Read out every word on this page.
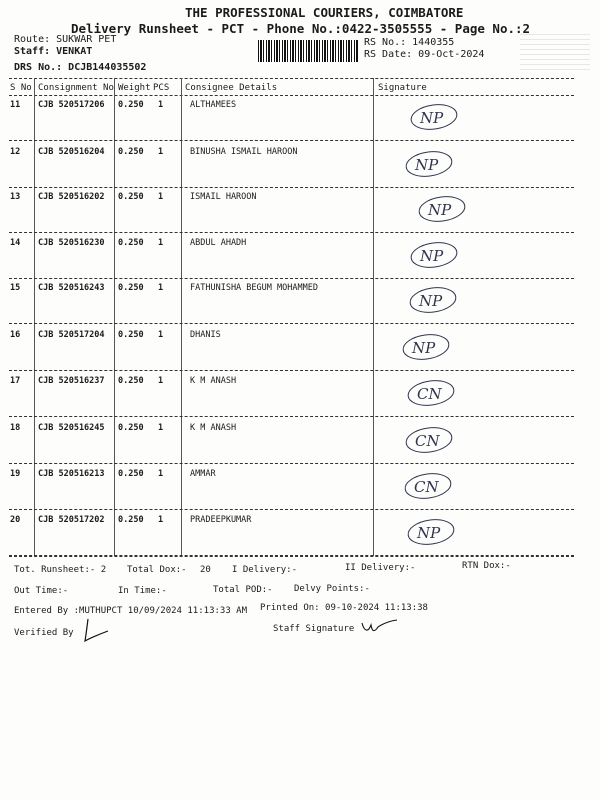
THE PROFESSIONAL COURIERS, COIMBATORE
Delivery Runsheet - PCT - Phone No.:0422-3505555 - Page No.:2
Route: SUKWAR PET
Staff: VENKAT
DRS No.: DCJB144035502
RS No.: 1440355
RS Date: 09-Oct-2024
S No Consignment No Weight PCS Consignee Details	Signature
11 CJB 520517206 0.250 1	ALTHAMEES
NP
12 CJB 520516204 0.250 1	BINUSHA ISMAIL HAROON
NP
13 CJB 520516202 0.250 1	ISMAIL HAROON
NP
14 CJB 520516230 0.250 1	ABDUL AHADH
NP
15 CJB 520516243 0.250 1	FATHUNISHA BEGUM MOHAMMED
NP
16 CJB 520517204 0.250 1	DHANIS
NP
17 CJB 520516237 0.250 1	K M ANASH
CN
18 CJB 520516245 0.250 1	K M ANASH
CN
19 CJB 520516213 0.250 1	AMMAR
CN
20 CJB 520517202 0.250 1	PRADEEPKUMAR
NP
Tot. Runsheet:- 2 Total Dox:- 20 I Delivery:-	II Delivery:-	RTN Dox:-
Out Time:-	In Time:-	Total POD:- Delvy Points:-
Entered By :MUTHUPCT 10/09/2024 11:13:33 AM Printed On: 09-10-2024 11:13:38
Verified By	Staff Signature
